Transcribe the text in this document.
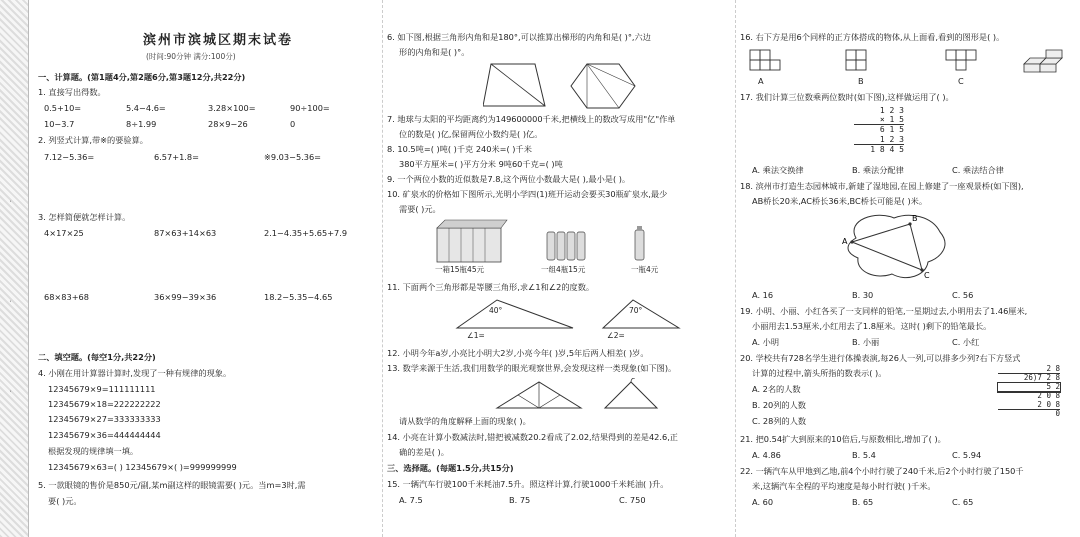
·
·
·
滨州市滨城区期末试卷
(时间:90分钟 满分:100分)
一、计算题。(第1题4分,第2题6分,第3题12分,共22分)
1. 直接写出得数。
0.5+10=	5.4−4.6=	3.28×100=	90÷100=
10−3.7	8÷1.99	28×9−26	0
2. 列竖式计算,带※的要验算。
7.12−5.36=	6.57+1.8=	※9.03−5.36=
3. 怎样简便就怎样计算。
4×17×25	87×63+14×63	2.1−4.35+5.65+7.9
68×83+68	36×99−39×36	18.2−5.35−4.65
二、填空题。(每空1分,共22分)
4. 小刚在用计算器计算时,发现了一种有规律的现象。
12345679×9=111111111
12345679×18=222222222
12345679×27=333333333
12345679×36=444444444
根据发现的规律填一填。
12345679×63=( ) 12345679×( )=999999999
5. 一款眼镜的售价是850元/副,某m副这样的眼镜需要( )元。当m=3时,需
要( )元。
6. 如下图,根据三角形内角和是180°,可以推算出梯形的内角和是( )°,六边
形的内角和是( )°。
7. 地球与太阳的平均距离约为149600000千米,把横线上的数改写成用"亿"作单
位的数是( )亿,保留两位小数约是( )亿。
8. 10.5吨=( )吨( )千克 240米=( )千米
380平方厘米=( )平方分米 9吨60千克=( )吨
9. 一个两位小数的近似数是7.8,这个两位小数最大是( ),最小是( )。
10. 矿泉水的价格如下图所示,光明小学四(1)班开运动会要买30瓶矿泉水,最少
需要( )元。
一箱15瓶45元	一组4瓶15元	一瓶4元
11. 下面两个三角形都是等腰三角形,求∠1和∠2的度数。
40°	70°
∠1=	∠2=
12. 小明今年a岁,小亮比小明大2岁,小亮今年( )岁,5年后两人相差( )岁。
13. 数学来源于生活,我们用数学的眼光观察世界,会发现这样一类现象(如下图)。
请从数学的角度解释上面的现象( )。
14. 小亮在计算小数减法时,错把被减数20.2看成了2.02,结果得到的差是42.6,正
确的差是( )。
三、选择题。(每题1.5分,共15分)
15. 一辆汽车行驶100千米耗油7.5升。照这样计算,行驶1000千米耗油( )升。
A. 7.5	B. 75	C. 750
16. 右下方是用6个同样的正方体搭成的物体,从上面看,看到的图形是( )。
A	B	C
17. 我们计算三位数乘两位数时(如下图),这样做运用了( )。
1 2 3
× 1 5
6 1 5
1 2 3
1 8 4 5
A. 乘法交换律	B. 乘法分配律	C. 乘法结合律
18. 滨州市打造生态园林城市,新建了湿地园,在园上修建了一座观景桥(如下图),
AB桥长20米,AC桥长36米,BC桥长可能是( )米。
A
B
C
A. 16	B. 30	C. 56
19. 小明、小丽、小红各买了一支同样的铅笔,一星期过去,小明用去了1.46厘米,
小丽用去1.53厘米,小红用去了1.8厘米。这时( )剩下的铅笔最长。
A. 小明	B. 小丽	C. 小红
20. 学校共有728名学生进行体操表演,每26人一列,可以排多少列?右下方竖式
计算的过程中,箭头所指的数表示( )。
A. 2名的人数
B. 20列的人数
C. 28列的人数
2 8
26)7 2 8
5 2
2 0 8
2 0 8
0
21. 把0.54扩大到原来的10倍后,与原数相比,增加了( )。
A. 4.86	B. 5.4	C. 5.94
22. 一辆汽车从甲地到乙地,前4个小时行驶了240千米,后2个小时行驶了150千
米,这辆汽车全程的平均速度是每小时行驶( )千米。
A. 60	B. 65	C. 65
